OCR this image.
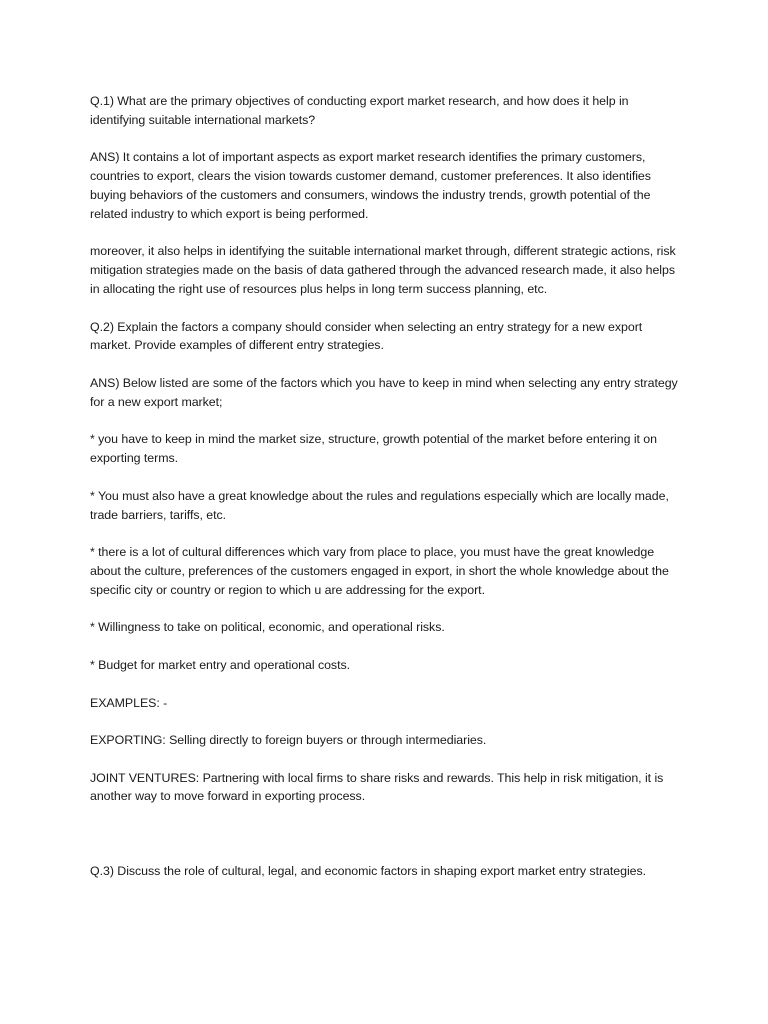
Q.1) What are the primary objectives of conducting export market research, and how does it help in identifying suitable international markets?

ANS) It contains a lot of important aspects as export market research identifies the primary customers, countries to export, clears the vision towards customer demand, customer preferences. It also identifies buying behaviors of the customers and consumers, windows the industry trends, growth potential of the related industry to which export is being performed.

moreover, it also helps in identifying the suitable international market through, different strategic actions, risk mitigation strategies made on the basis of data gathered through the advanced research made, it also helps in allocating the right use of resources plus helps in long term success planning, etc.

Q.2) Explain the factors a company should consider when selecting an entry strategy for a new export market. Provide examples of different entry strategies.

ANS) Below listed are some of the factors which you have to keep in mind when selecting any entry strategy for a new export market;

* you have to keep in mind the market size, structure, growth potential of the market before entering it on exporting terms.

* You must also have a great knowledge about the rules and regulations especially which are locally made, trade barriers, tariffs, etc.

* there is a lot of cultural differences which vary from place to place, you must have the great knowledge about the culture, preferences of the customers engaged in export, in short the whole knowledge about the specific city or country or region to which u are addressing for the export.

* Willingness to take on political, economic, and operational risks.

* Budget for market entry and operational costs.

EXAMPLES: -

EXPORTING: Selling directly to foreign buyers or through intermediaries.

JOINT VENTURES: Partnering with local firms to share risks and rewards. This help in risk mitigation, it is another way to move forward in exporting process.

Q.3) Discuss the role of cultural, legal, and economic factors in shaping export market entry strategies.
